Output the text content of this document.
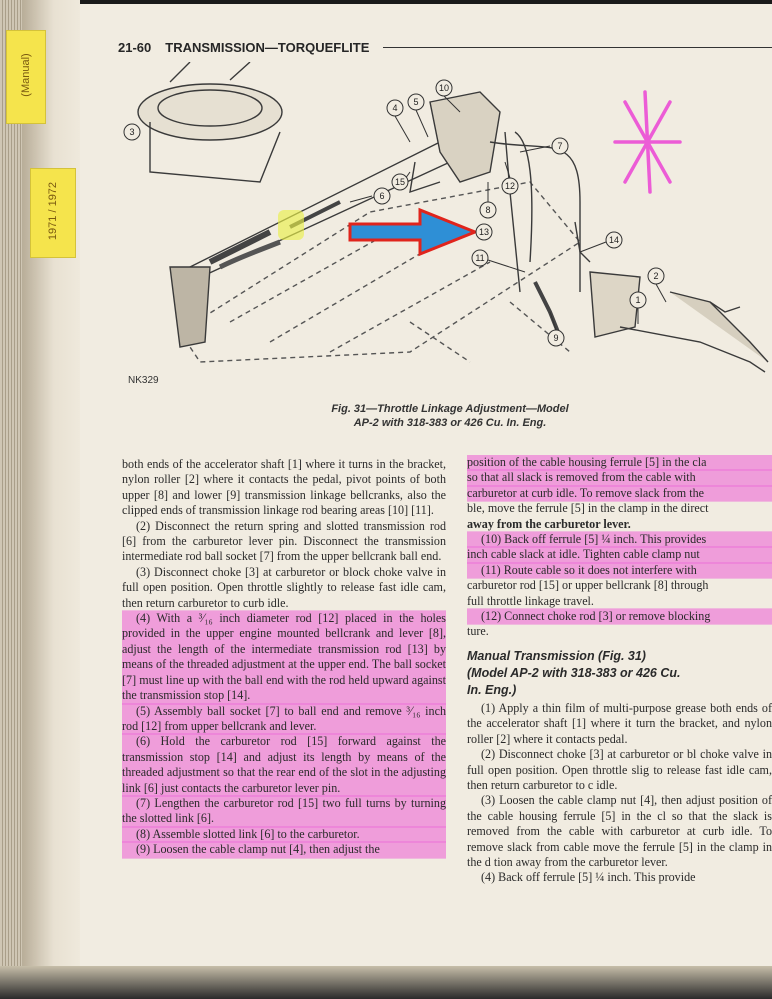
(Manual)
1971 / 1972
21-60 TRANSMISSION—TORQUEFLITE
1
2
3
4
5
6
7
8
9
10
11
12
13
14
15
NK329
Fig. 31—Throttle Linkage Adjustment—Model
AP-2 with 318-383 or 426 Cu. In. Eng.

both ends of the accelerator shaft [1] where it turns in the bracket, nylon roller [2] where it contacts the pedal, pivot points of both upper [8] and lower [9] transmission linkage bellcranks, also the clipped ends of transmission linkage rod bearing areas [10] [11].

(2) Disconnect the return spring and slotted transmission rod [6] from the carburetor lever pin. Disconnect the transmission intermediate rod ball socket [7] from the upper bellcrank ball end.

(3) Disconnect choke [3] at carburetor or block choke valve in full open position. Open throttle slightly to release fast idle cam, then return carburetor to curb idle.

(4) With a ³⁄₁₆ inch diameter rod [12] placed in the holes provided in the upper engine mounted bellcrank and lever [8], adjust the length of the intermediate transmission rod [13] by means of the threaded adjustment at the upper end. The ball socket [7] must line up with the ball end with the rod held upward against the transmission stop [14].

(5) Assembly ball socket [7] to ball end and remove ³⁄₁₆ inch rod [12] from upper bellcrank and lever.

(6) Hold the carburetor rod [15] forward against the transmission stop [14] and adjust its length by means of the threaded adjustment so that the rear end of the slot in the adjusting link [6] just contacts the carburetor lever pin.

(7) Lengthen the carburetor rod [15] two full turns by turning the slotted link [6].

(8) Assemble slotted link [6] to the carburetor.

(9) Loosen the cable clamp nut [4], then adjust the

position of the cable housing ferrule [5] in the cla

so that all slack is removed from the cable with

carburetor at curb idle. To remove slack from the

ble, move the ferrule [5] in the clamp in the direct

away from the carburetor lever.

(10) Back off ferrule [5] ¼ inch. This provides

inch cable slack at idle. Tighten cable clamp nut

(11) Route cable so it does not interfere with

carburetor rod [15] or upper bellcrank [8] through

full throttle linkage travel.

(12) Connect choke rod [3] or remove blocking

ture.

Manual Transmission (Fig. 31)
(Model AP-2 with 318-383 or 426 Cu.
In. Eng.)

(1) Apply a thin film of multi-purpose grease both ends of the accelerator shaft [1] where it turn the bracket, and nylon roller [2] where it contacts pedal.

(2) Disconnect choke [3] at carburetor or bl choke valve in full open position. Open throttle slig to release fast idle cam, then return carburetor to c idle.

(3) Loosen the cable clamp nut [4], then adjust position of the cable housing ferrule [5] in the cl so that the slack is removed from the cable with carburetor at curb idle. To remove slack from cable move the ferrule [5] in the clamp in the d tion away from the carburetor lever.

(4) Back off ferrule [5] ¼ inch. This provide
